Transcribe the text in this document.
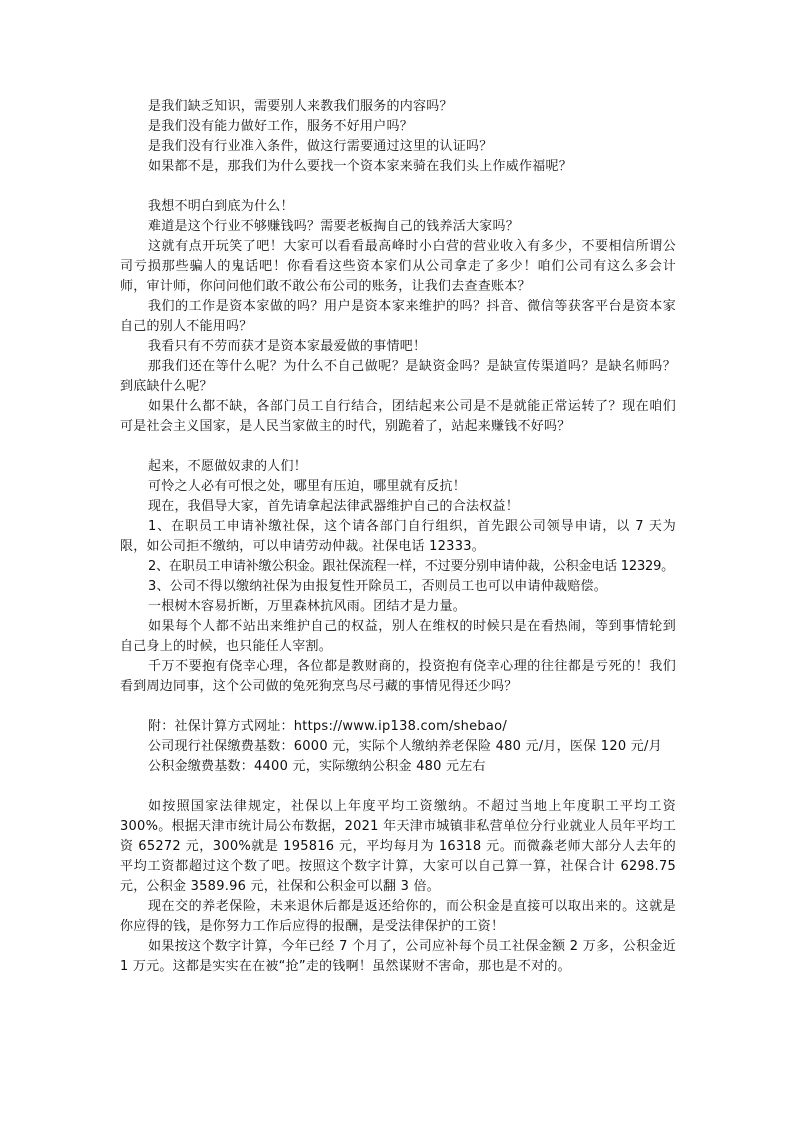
是我们缺乏知识，需要别人来教我们服务的内容吗？
是我们没有能力做好工作，服务不好用户吗？
是我们没有行业准入条件，做这行需要通过这里的认证吗？
如果都不是，那我们为什么要找一个资本家来骑在我们头上作威作福呢？
我想不明白到底为什么！
难道是这个行业不够赚钱吗？需要老板掏自己的钱养活大家吗？

这就有点开玩笑了吧！大家可以看看最高峰时小白营的营业收入有多少，不要相信所谓公司亏损那些骗人的鬼话吧！你看看这些资本家们从公司拿走了多少！咱们公司有这么多会计师，审计师，你问问他们敢不敢公布公司的账务，让我们去查查账本？

我们的工作是资本家做的吗？用户是资本家来维护的吗？抖音、微信等获客平台是资本家自己的别人不能用吗？

我看只有不劳而获才是资本家最爱做的事情吧！

那我们还在等什么呢？为什么不自己做呢？是缺资金吗？是缺宣传渠道吗？是缺名师吗？到底缺什么呢？

如果什么都不缺，各部门员工自行结合，团结起来公司是不是就能正常运转了？现在咱们可是社会主义国家，是人民当家做主的时代，别跪着了，站起来赚钱不好吗？

起来，不愿做奴隶的人们！

可怜之人必有可恨之处，哪里有压迫，哪里就有反抗！

现在，我倡导大家，首先请拿起法律武器维护自己的合法权益！

1、在职员工申请补缴社保，这个请各部门自行组织，首先跟公司领导申请，以 7 天为限，如公司拒不缴纳，可以申请劳动仲裁。社保电话 12333。

2、在职员工申请补缴公积金。跟社保流程一样，不过要分别申请仲裁，公积金电话 12329。

3、公司不得以缴纳社保为由报复性开除员工，否则员工也可以申请仲裁赔偿。

一根树木容易折断，万里森林抗风雨。团结才是力量。

如果每个人都不站出来维护自己的权益，别人在维权的时候只是在看热闹，等到事情轮到自己身上的时候，也只能任人宰割。

千万不要抱有侥幸心理，各位都是教财商的，投资抱有侥幸心理的往往都是亏死的！我们看到周边同事，这个公司做的兔死狗烹鸟尽弓藏的事情见得还少吗？

附：社保计算方式网址：https://www.ip138.com/shebao/
公司现行社保缴费基数：6000 元，实际个人缴纳养老保险 480 元/月，医保 120 元/月
公积金缴费基数：4400 元，实际缴纳公积金 480 元左右

如按照国家法律规定，社保以上年度平均工资缴纳。不超过当地上年度职工平均工资300%。根据天津市统计局公布数据，2021 年天津市城镇非私营单位分行业就业人员年平均工资 65272 元，300%就是 195816 元，平均每月为 16318 元。而微淼老师大部分人去年的平均工资都超过这个数了吧。按照这个数字计算，大家可以自己算一算，社保合计 6298.75 元，公积金 3589.96 元，社保和公积金可以翻 3 倍。

现在交的养老保险，未来退休后都是返还给你的，而公积金是直接可以取出来的。这就是你应得的钱，是你努力工作后应得的报酬，是受法律保护的工资！

如果按这个数字计算，今年已经 7 个月了，公司应补每个员工社保金额 2 万多，公积金近 1 万元。这都是实实在在被“抢”走的钱啊！虽然谋财不害命，那也是不对的。
